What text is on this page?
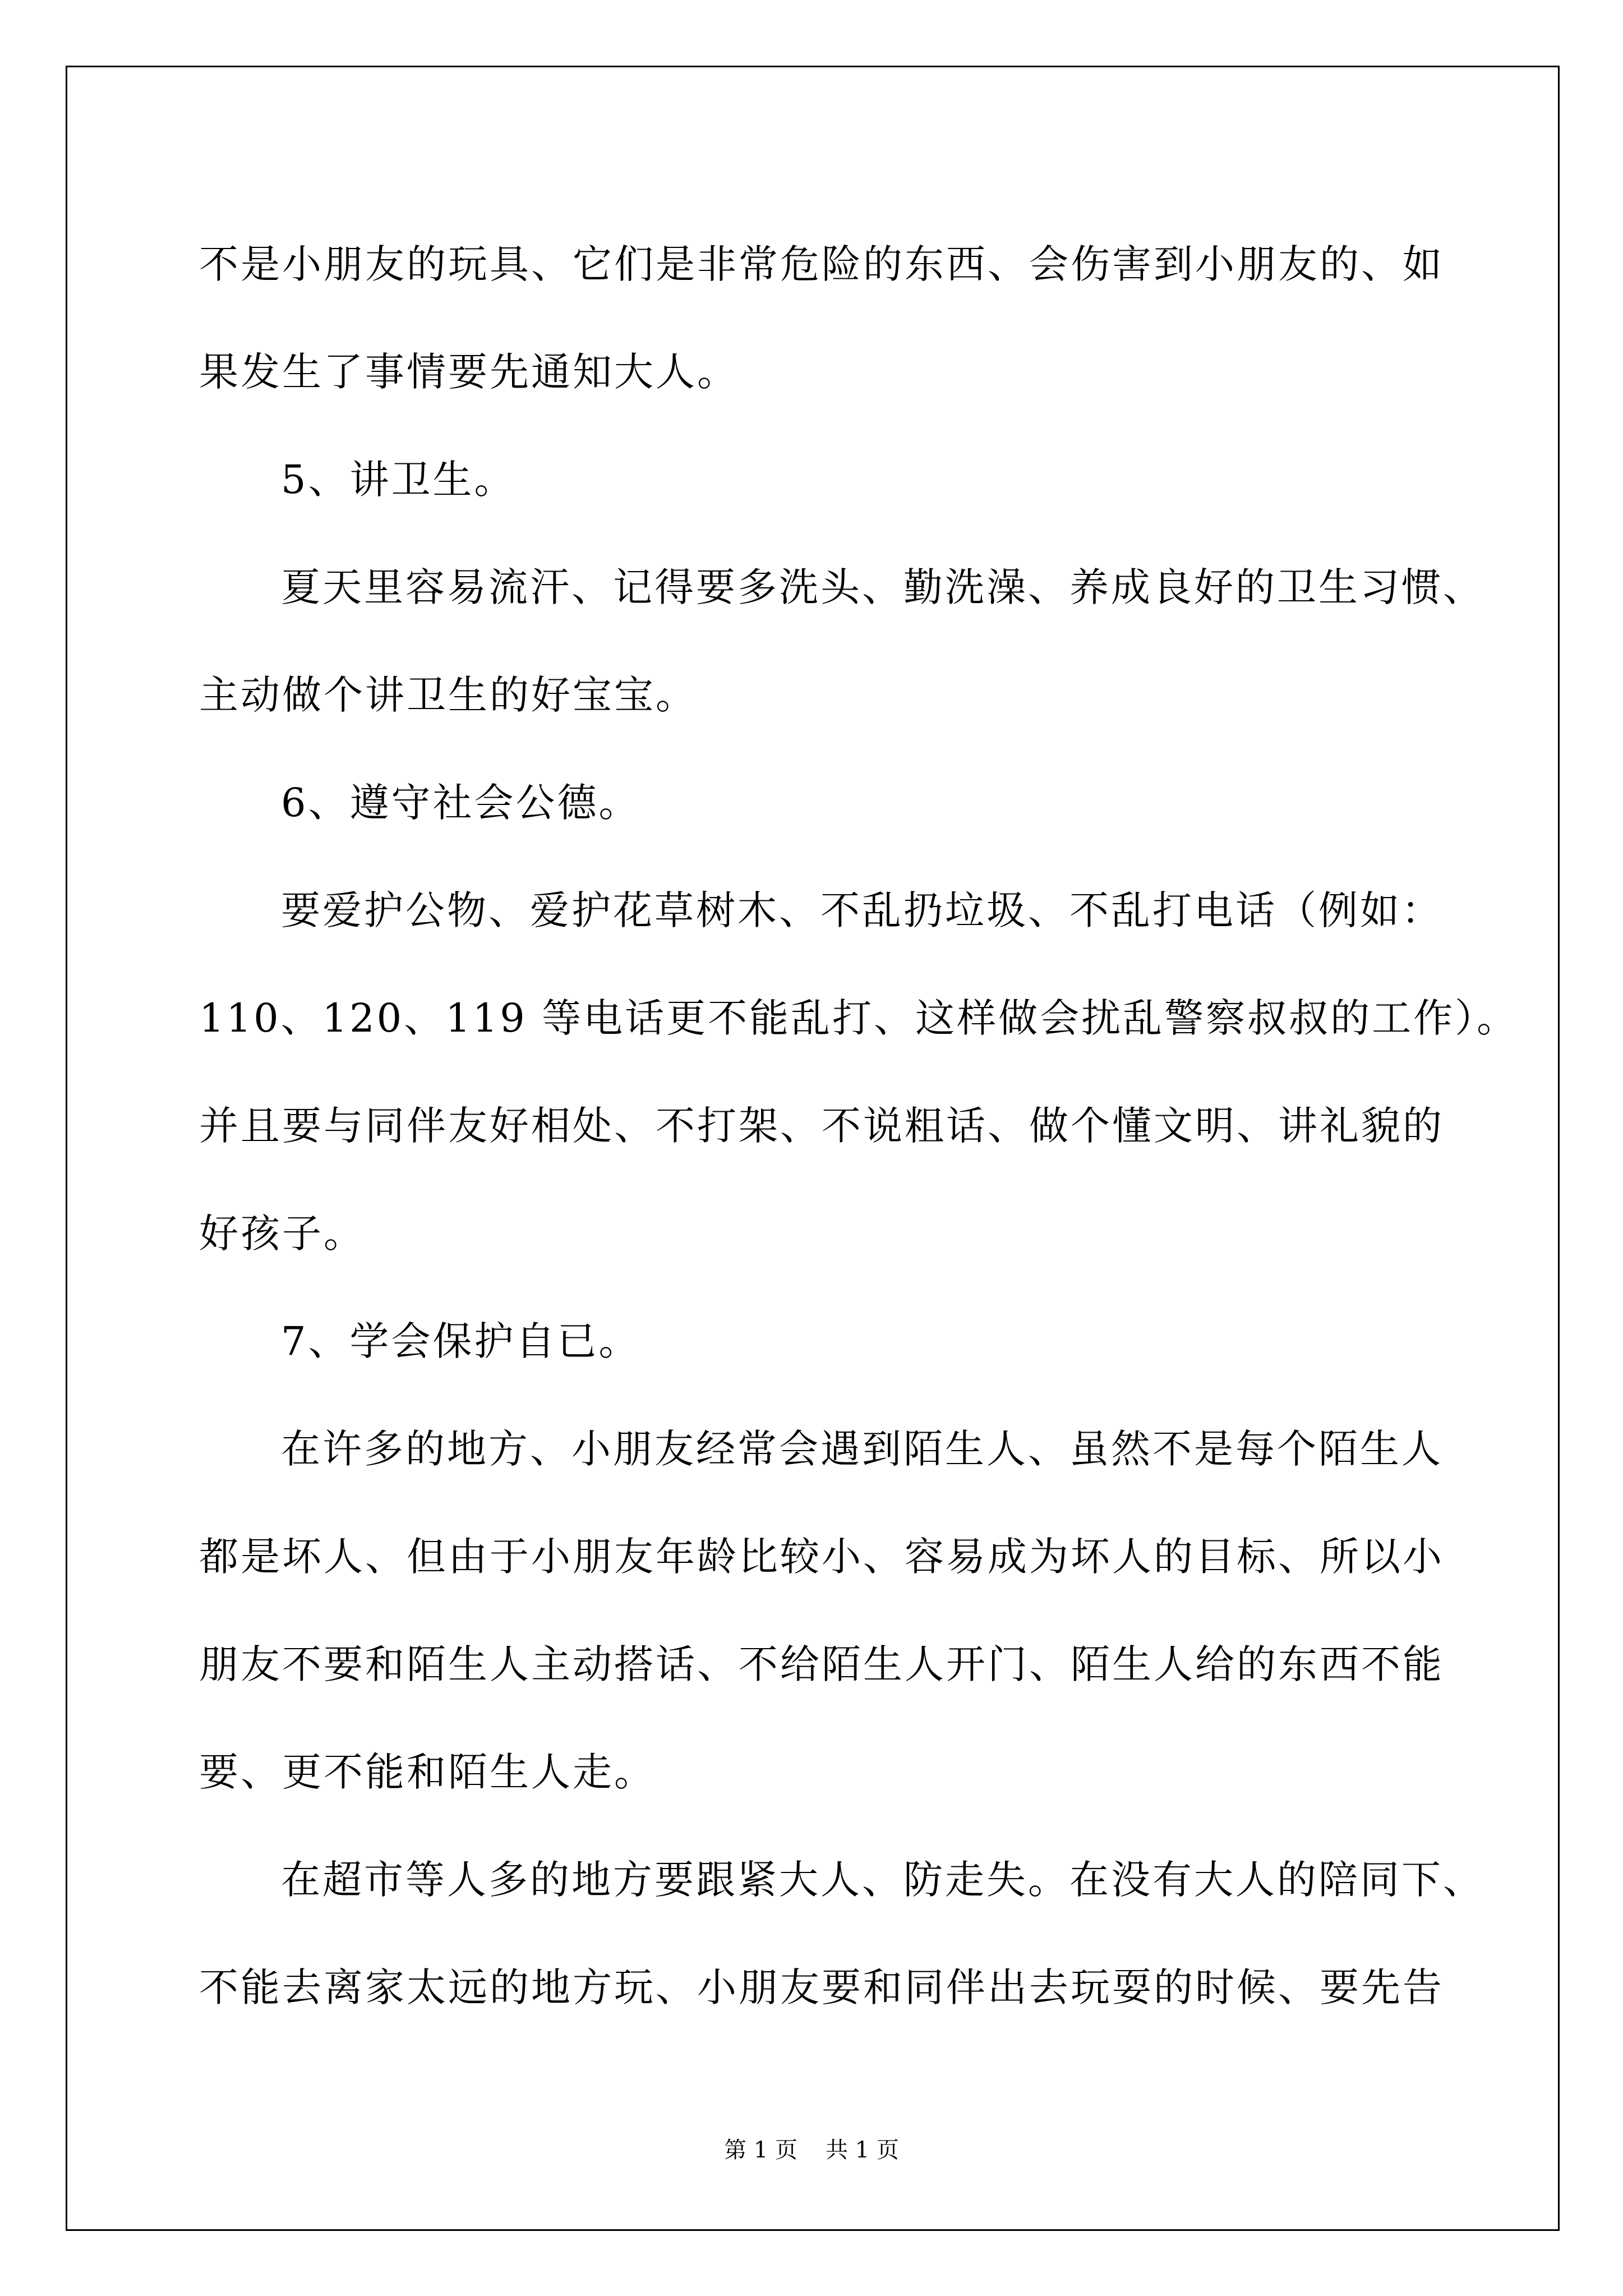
不是小朋友的玩具、它们是非常危险的东西、会伤害到小朋友的、如
果发生了事情要先通知大人。
5、讲卫生。
夏天里容易流汗、记得要多洗头、勤洗澡、养成良好的卫生习惯、
主动做个讲卫生的好宝宝。
6、遵守社会公德。
要爱护公物、爱护花草树木、不乱扔垃圾、不乱打电话（例如：
110、120、119 等电话更不能乱打、这样做会扰乱警察叔叔的工作）。
并且要与同伴友好相处、不打架、不说粗话、做个懂文明、讲礼貌的
好孩子。
7、学会保护自已。
在许多的地方、小朋友经常会遇到陌生人、虽然不是每个陌生人
都是坏人、但由于小朋友年龄比较小、容易成为坏人的目标、所以小
朋友不要和陌生人主动搭话、不给陌生人开门、陌生人给的东西不能
要、更不能和陌生人走。
在超市等人多的地方要跟紧大人、防走失。在没有大人的陪同下、
不能去离家太远的地方玩、小朋友要和同伴出去玩耍的时候、要先告
第 1 页 共 1 页
